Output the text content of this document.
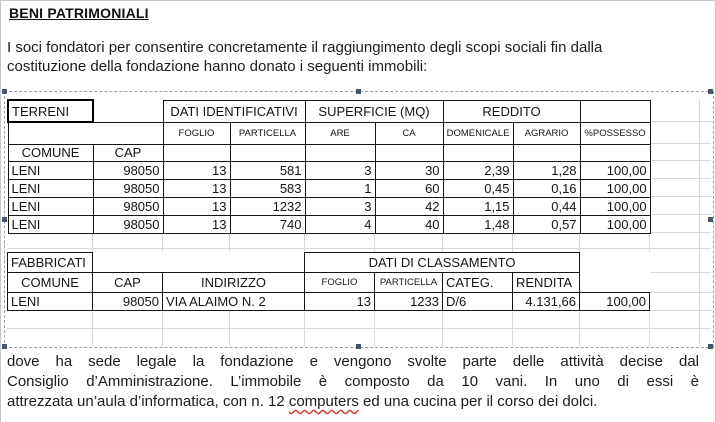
BENI PATRIMONIALI
I soci fondatori per consentire concretamente il raggiungimento degli scopi sociali fin dalla
costituzione della fondazione hanno donato i seguenti immobili:
TERRENI		DATI IDENTIFICATIVI		SUPERFICIE (MQ)		REDDITO		
		FOGLIO	PARTICELLA	ARE	CA	DOMENICALE	AGRARIO	%POSSESSO
COMUNE	CAP							
LENI	98050	13	581	3	30	2,39	1,28	100,00
LENI	98050	13	583	1	60	0,45	0,16	100,00
LENI	98050	13	1232	3	42	1,15	0,44	100,00
LENI	98050	13	740	4	40	1,48	0,57	100,00
FABBRICATI			DATI DI CLASSAMENTO				
COMUNE	CAP	INDIRIZZO	FOGLIO	PARTICELLA	CATEG.	RENDITA	
LENI	98050	VIA ALAIMO N. 2	13	1233	D/6	4.131,66	100,00
dove ha sede legale la fondazione e vengono svolte parte delle attività decise dal
Consiglio d’Amministrazione. L’immobile è composto da 10 vani. In uno di essi è
attrezzata un’aula d’informatica, con n. 12 computers ed una cucina per il corso dei dolci.
